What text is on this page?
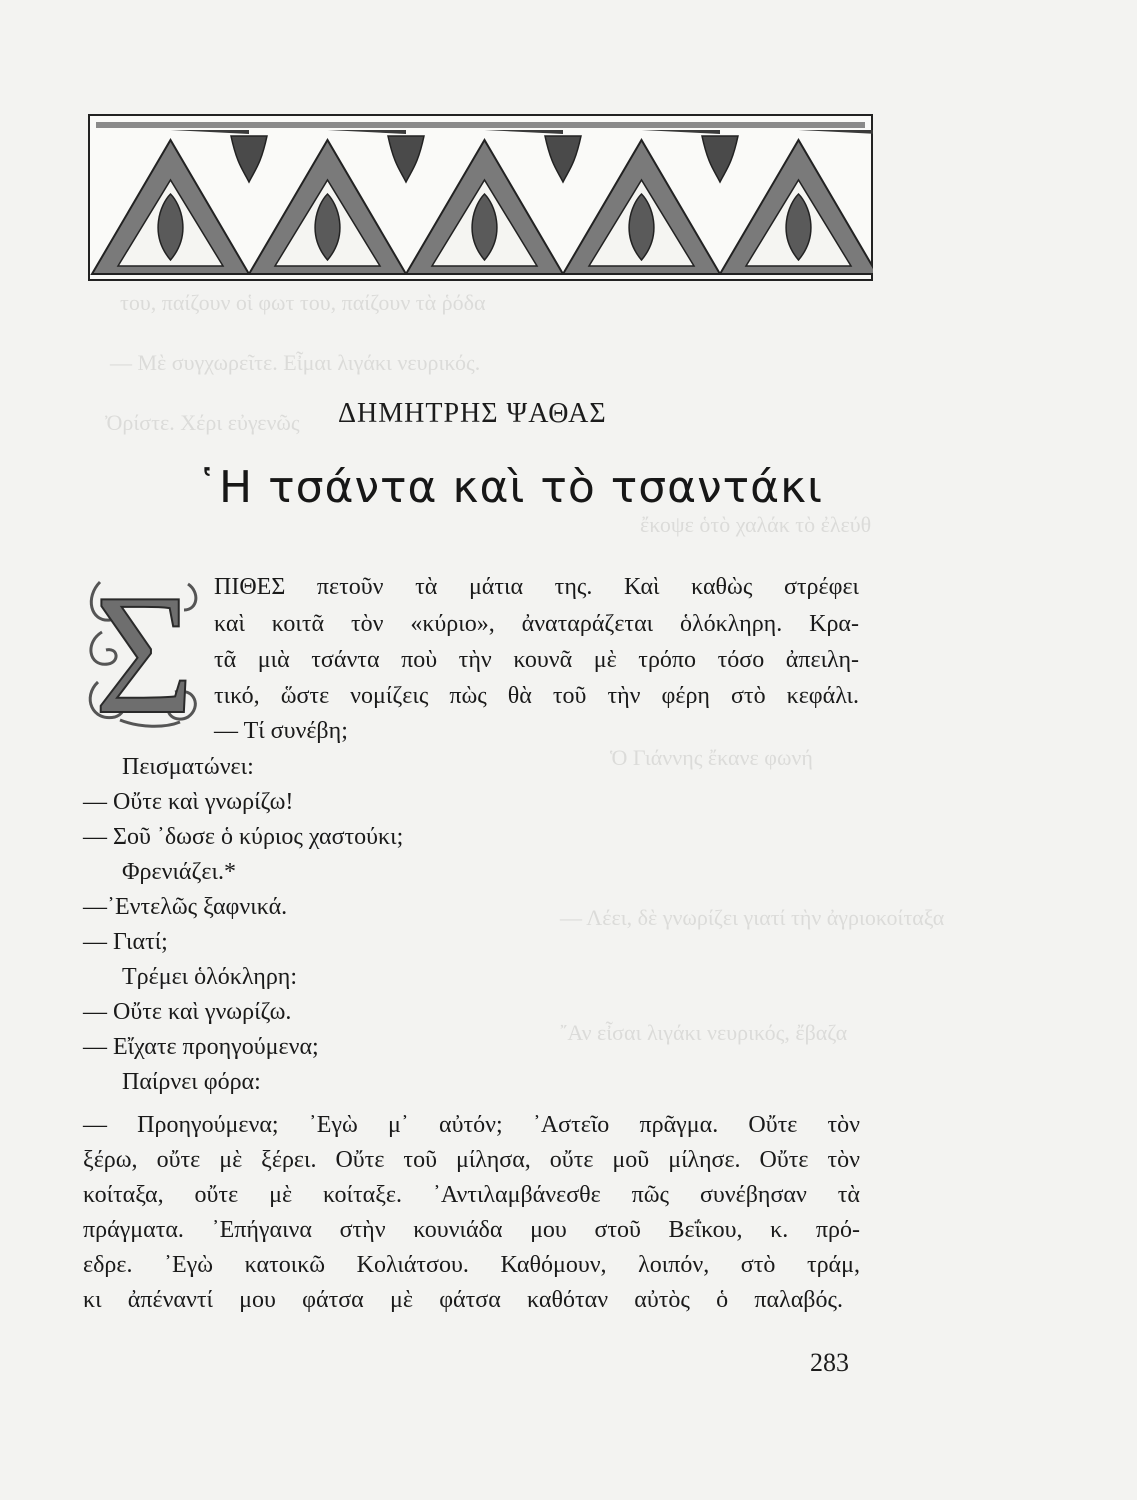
του, παίζουν οἱ φωτ του, παίζουν τὰ ῥόδα
— Μὲ συγχωρεῖτε. Εἶμαι λιγάκι νευρικός.
Ὀρίστε. Χέρι εὐγενῶς
ἔκοψε ὁτὸ χαλάκ τὸ ἐλεύθ
Ὁ Γιάννης ἔκανε φωνή
— Λέει, δὲ γνωρίζει γιατί τὴν ἀγριοκοίταξα
῎Αν εἶσαι λιγάκι νευρικός, ἔβαζα
ΔΗΜΗΤΡΗΣ ΨΑΘΑΣ
῾Η τσάντα καὶ τὸ τσαντάκι
Σ ΠΙΘΕΣ πετοῦν τὰ μάτια της. Καὶ καθὼς στρέφει
καὶ κοιτᾶ τὸν «κύριο», ἀναταράζεται ὁλόκληρη. Κρα-
τᾶ μιὰ τσάντα ποὺ τὴν κουνᾶ μὲ τρόπο τόσο ἀπειλη-
τικό, ὥστε νομίζεις πὼς θὰ τοῦ τὴν φέρη στὸ κεφάλι.
— Τί συνέβη;
Πεισματώνει:
— Οὔτε καὶ γνωρίζω!
— Σοῦ ᾽δωσε ὁ κύριος χαστούκι;
Φρενιάζει.*
—᾽Εντελῶς ξαφνικά.
— Γιατί;
Τρέμει ὁλόκληρη:
— Οὔτε καὶ γνωρίζω.
— Εἴχατε προηγούμενα;
Παίρνει φόρα:
— Προηγούμενα; ᾽Εγὼ μ᾽ αὐτόν; ᾽Αστεῖο πρᾶγμα. Οὔτε τὸν
ξέρω, οὔτε μὲ ξέρει. Οὔτε τοῦ μίλησα, οὔτε μοῦ μίλησε. Οὔτε τὸν
κοίταξα, οὔτε μὲ κοίταξε. ᾽Αντιλαμβάνεσθε πῶς συνέβησαν τὰ
πράγματα. ᾽Επήγαινα στὴν κουνιάδα μου στοῦ Βεΐκου, κ. πρό-
εδρε. ᾽Εγὼ κατοικῶ Κολιάτσου. Καθόμουν, λοιπόν, στὸ τράμ,
κι ἀπέναντί μου φάτσα μὲ φάτσα καθόταν αὐτὸς ὁ παλαβός.
283
